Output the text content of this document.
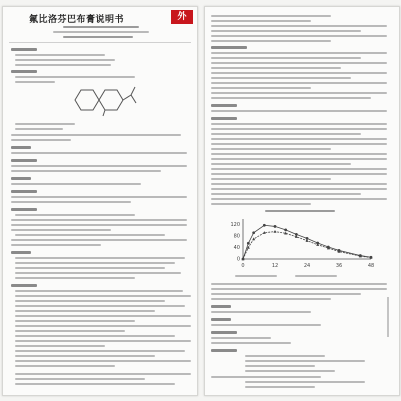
氟比洛芬巴布膏说明书	外
0	12	24	36	48
0
40
80
120
